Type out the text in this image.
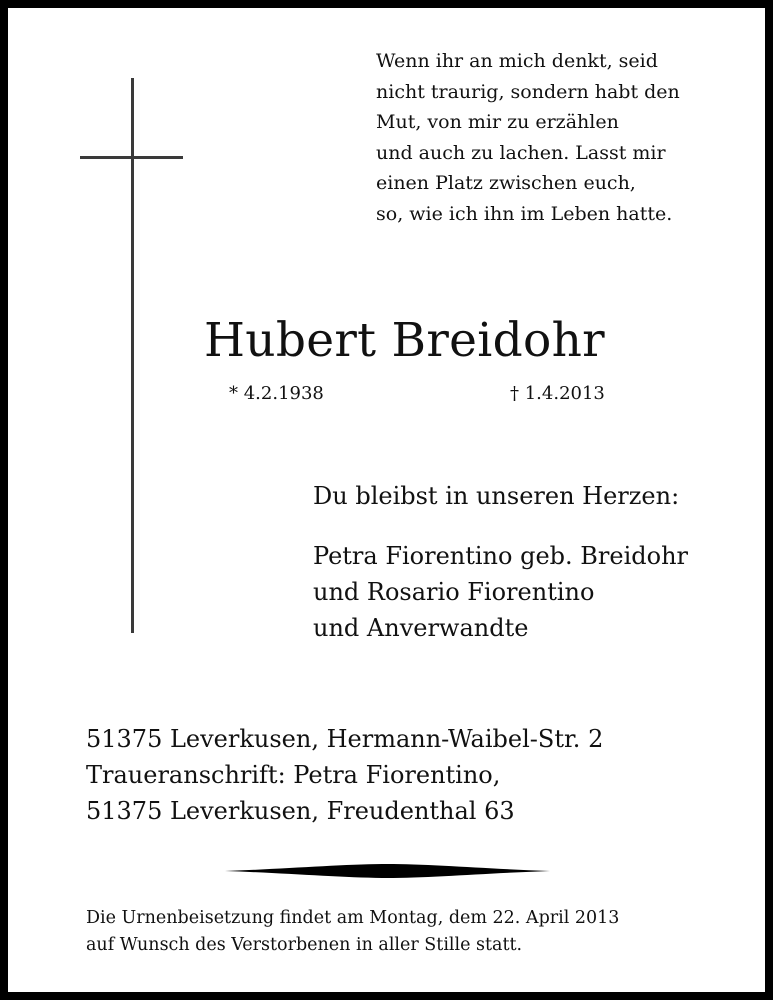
Wenn ihr an mich denkt, seid
nicht traurig, sondern habt den
Mut, von mir zu erzählen
und auch zu lachen. Lasst mir
einen Platz zwischen euch,
so, wie ich ihn im Leben hatte.
Hubert Breidohr
* 4.2.1938	† 1.4.2013
Du bleibst in unseren Herzen:
Petra Fiorentino geb. Breidohr
und Rosario Fiorentino
und Anverwandte
51375 Leverkusen, Hermann-Waibel-Str. 2
Traueranschrift: Petra Fiorentino,
51375 Leverkusen, Freudenthal 63
Die Urnenbeisetzung findet am Montag, dem 22. April 2013
auf Wunsch des Verstorbenen in aller Stille statt.
